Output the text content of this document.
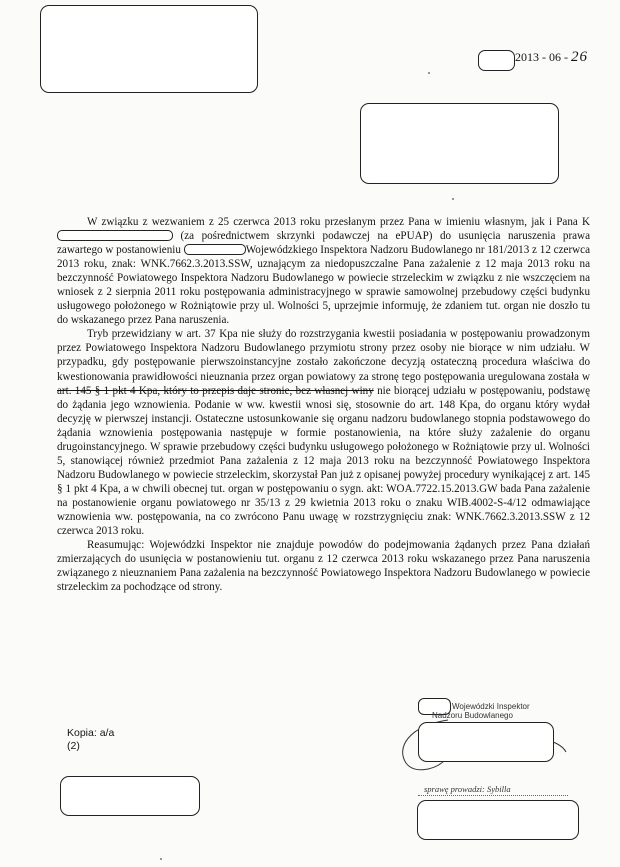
2013 - 06 - 26

W związku z wezwaniem z 25 czerwca 2013 roku przesłanym przez Pana w imieniu własnym, jak i Pana K (za pośrednictwem skrzynki podawczej na ePUAP) do usunięcia naruszenia prawa zawartego w postanowieniu	Wojewódzkiego Inspektora Nadzoru Budowlanego nr 181/2013 z 12 czerwca 2013 roku, znak: WNK.7662.3.2013.SSW, uznającym za niedopuszczalne Pana zażalenie z 12 maja 2013 roku na bezczynność Powiatowego Inspektora Nadzoru Budowlanego w powiecie strzeleckim w związku z nie wszczęciem na wniosek z 2 sierpnia 2011 roku postępowania administracyjnego w sprawie samowolnej przebudowy części budynku usługowego położonego w Rożniątowie przy ul. Wolności 5, uprzejmie informuję, że zdaniem tut. organ nie doszło tu do wskazanego przez Pana naruszenia.

Tryb przewidziany w art. 37 Kpa nie służy do rozstrzygania kwestii posiadania w postępowaniu prowadzonym przez Powiatowego Inspektora Nadzoru Budowlanego przymiotu strony przez osoby nie biorące w nim udziału. W przypadku, gdy postępowanie pierwszoinstancyjne zostało zakończone decyzją ostateczną procedura właściwa do kwestionowania prawidłowości nieuznania przez organ powiatowy za stronę tego postępowania uregulowana została w art. 145 § 1 pkt 4 Kpa, który to przepis daje stronie, bez własnej winy nie biorącej udziału w postępowaniu, podstawę do żądania jego wznowienia. Podanie w ww. kwestii wnosi się, stosownie do art. 148 Kpa, do organu który wydał decyzję w pierwszej instancji. Ostateczne ustosunkowanie się organu nadzoru budowlanego stopnia podstawowego do żądania wznowienia postępowania następuje w formie postanowienia, na które służy zażalenie do organu drugoinstancyjnego. W sprawie przebudowy części budynku usługowego położonego w Rożniątowie przy ul. Wolności 5, stanowiącej również przedmiot Pana zażalenia z 12 maja 2013 roku na bezczynność Powiatowego Inspektora Nadzoru Budowlanego w powiecie strzeleckim, skorzystał Pan już z opisanej powyżej procedury wynikającej z art. 145 § 1 pkt 4 Kpa, a w chwili obecnej tut. organ w postępowaniu o sygn. akt: WOA.7722.15.2013.GW bada Pana zażalenie na postanowienie organu powiatowego nr 35/13 z 29 kwietnia 2013 roku o znaku WIB.4002-S-4/12 odmawiające wznowienia ww. postępowania, na co zwrócono Panu uwagę w rozstrzygnięciu znak: WNK.7662.3.2013.SSW z 12 czerwca 2013 roku.

Reasumując: Wojewódzki Inspektor nie znajduje powodów do podejmowania żądanych przez Pana działań zmierzających do usunięcia w postanowieniu tut. organu z 12 czerwca 2013 roku wskazanego przez Pana naruszenia związanego z nieuznaniem Pana zażalenia na bezczynność Powiatowego Inspektora Nadzoru Budowlanego w powiecie strzeleckim za pochodzące od strony.

Wojewódzki Inspektor
Nadzoru Budowlanego
Kopia: a/a
(2)
sprawę prowadzi: Sybilla
